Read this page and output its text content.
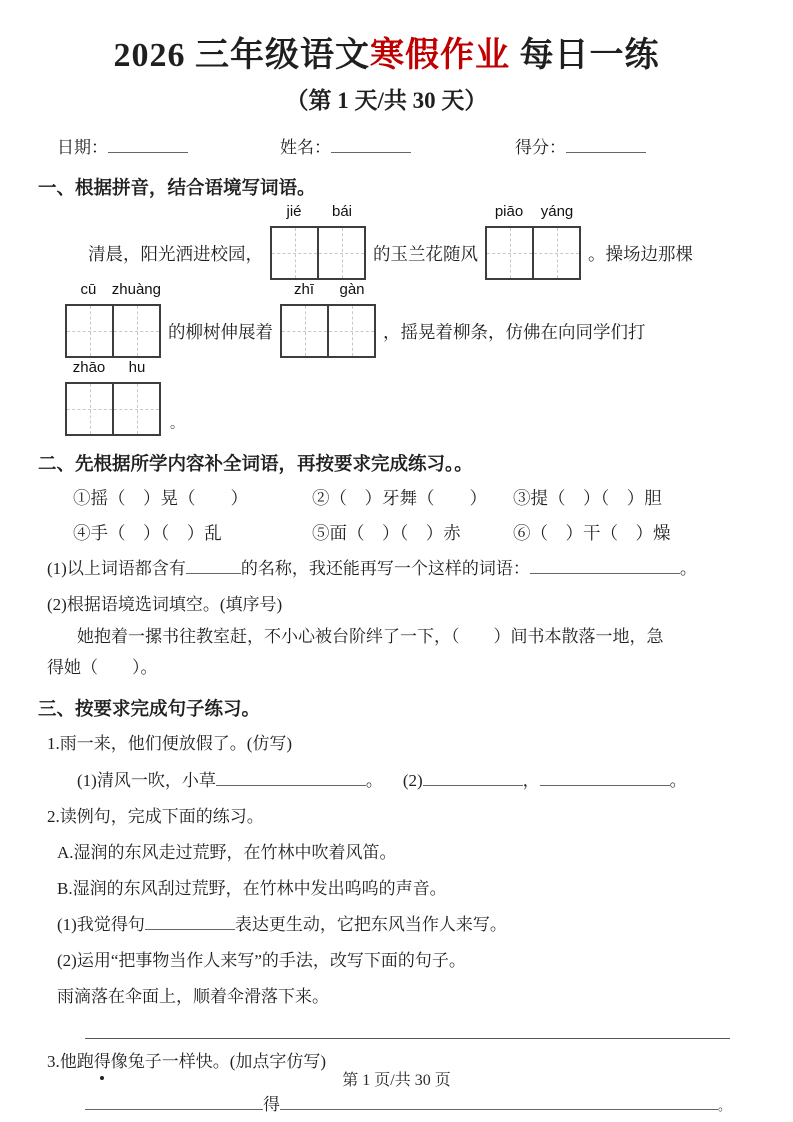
2026 三年级语文寒假作业 每日一练
（第 1 天/共 30 天）
日期：	姓名：	得分：
一、根据拼音，结合语境写词语。
清晨，阳光洒进校园，
jié	bái
的玉兰花随风
piāo	yáng
。操场边那棵
cū	zhuàng
的柳树伸展着
zhī	gàn
，摇晃着柳条，仿佛在向同学们打
zhāo	hu
。
二、先根据所学内容补全词语，再按要求完成练习。。
①摇（　）晃（　　）	②（　）牙舞（　　）	③提（　）（　）胆
④手（　）（　）乱	⑤面（　）（　）赤	⑥（　）干（　）燥
(1)以上词语都含有	的名称，我还能再写一个这样的词语：	。
(2)根据语境选词填空。(填序号)
她抱着一摞书往教室赶，不小心被台阶绊了一下，（　　）间书本散落一地，急
得她（　　）。
三、按要求完成句子练习。
1.雨一来，他们便放假了。(仿写)
(1)清风一吹，小草	。 (2)	，	。
2.读例句，完成下面的练习。
A.湿润的东风走过荒野，在竹林中吹着风笛。
B.湿润的东风刮过荒野，在竹林中发出呜呜的声音。
(1)我觉得句	表达更生动，它把东风当作人来写。
(2)运用“把事物当作人来写”的手法，改写下面的句子。
雨滴落在伞面上，顺着伞滑落下来。
3.他跑得像兔子一样快。(加点字仿写)
得	。
第 1 页/共 30 页
